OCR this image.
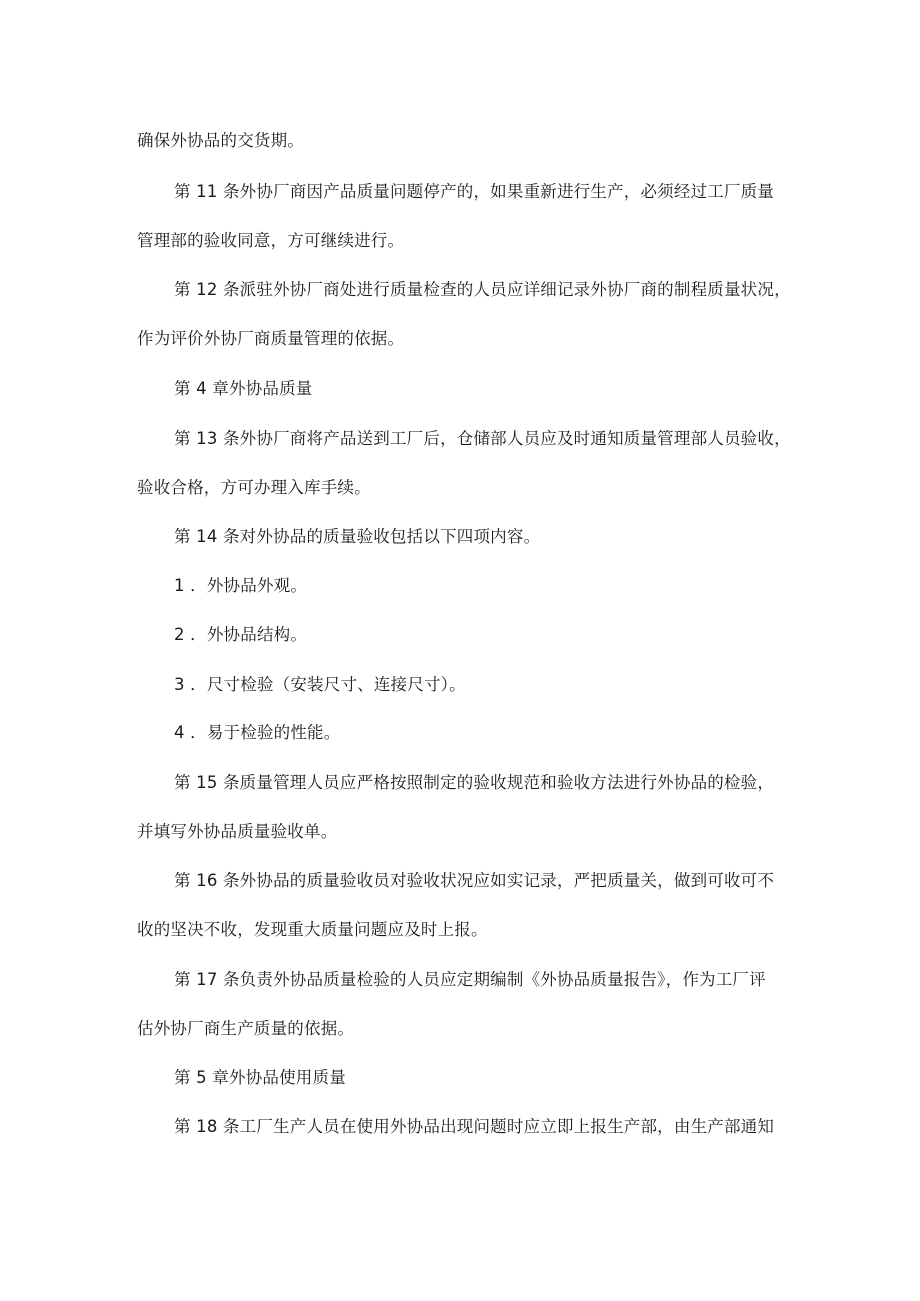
确保外协品的交货期。
第 11 条外协厂商因产品质量问题停产的，如果重新进行生产，必须经过工厂质量
管理部的验收同意，方可继续进行。
第 12 条派驻外协厂商处进行质量检查的人员应详细记录外协厂商的制程质量状况，
作为评价外协厂商质量管理的依据。
第 4 章外协品质量
第 13 条外协厂商将产品送到工厂后，仓储部人员应及时通知质量管理部人员验收，
验收合格，方可办理入库手续。
第 14 条对外协品的质量验收包括以下四项内容。
1 ．外协品外观。
2 ．外协品结构。
3 ．尺寸检验（安装尺寸、连接尺寸）。
4 ．易于检验的性能。
第 15 条质量管理人员应严格按照制定的验收规范和验收方法进行外协品的检验，
并填写外协品质量验收单。
第 16 条外协品的质量验收员对验收状况应如实记录，严把质量关，做到可收可不
收的坚决不收，发现重大质量问题应及时上报。
第 17 条负责外协品质量检验的人员应定期编制《外协品质量报告》，作为工厂评
估外协厂商生产质量的依据。
第 5 章外协品使用质量
第 18 条工厂生产人员在使用外协品出现问题时应立即上报生产部，由生产部通知
